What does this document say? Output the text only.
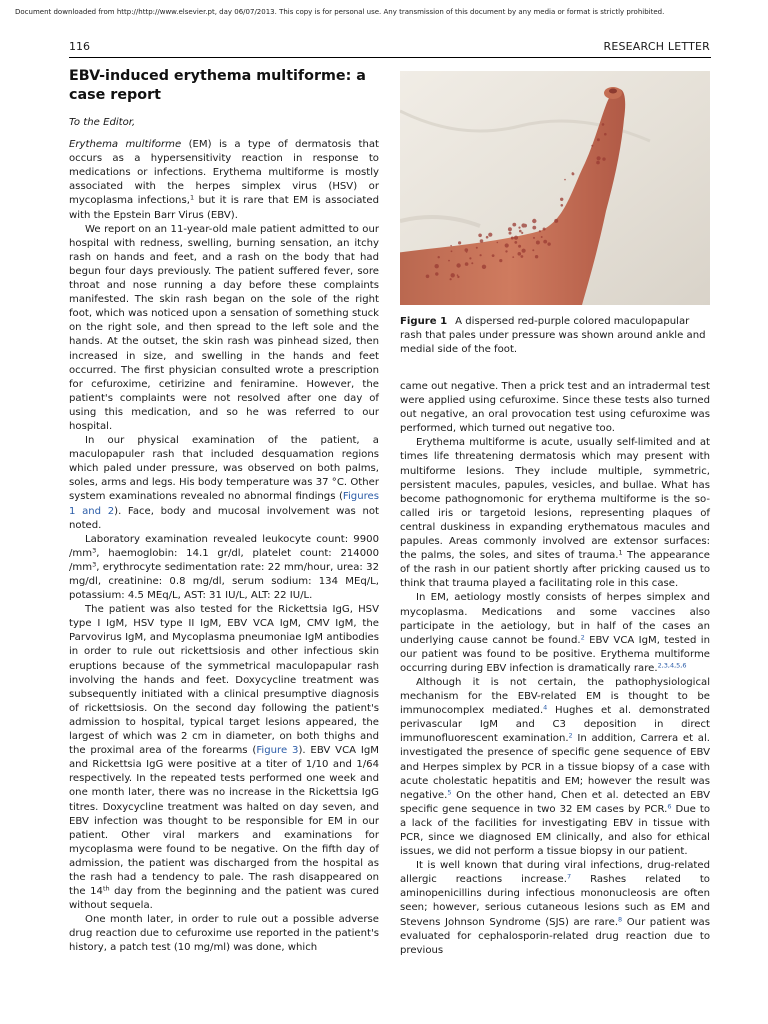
Document downloaded from http://http://www.elsevier.pt, day 06/07/2013. This copy is for personal use. Any transmission of this document by any media or format is strictly prohibited.
116	RESEARCH LETTER
EBV-induced erythema multiforme: a case report

To the Editor,

Erythema multiforme (EM) is a type of dermatosis that occurs as a hypersensitivity reaction in response to medications or infections. Erythema multiforme is mostly associated with the herpes simplex virus (HSV) or mycoplasma infections,$^1$ but it is rare that EM is associated with the Epstein Barr Virus (EBV).

We report on an 11-year-old male patient admitted to our hospital with redness, swelling, burning sensation, an itchy rash on hands and feet, and a rash on the body that had begun four days previously. The patient suffered fever, sore throat and nose running a day before these complaints manifested. The skin rash began on the sole of the right foot, which was noticed upon a sensation of something stuck on the right sole, and then spread to the left sole and the hands. At the outset, the skin rash was pinhead sized, then increased in size, and swelling in the hands and feet occurred. The first physician consulted wrote a prescription for cefuroxime, cetirizine and feniramine. However, the patient's complaints were not resolved after one day of using this medication, and so he was referred to our hospital.

In our physical examination of the patient, a maculopapuler rash that included desquamation regions which paled under pressure, was observed on both palms, soles, arms and legs. His body temperature was 37 °C. Other system examinations revealed no abnormal findings (Figures 1 and 2). Face, body and mucosal involvement was not noted.

Laboratory examination revealed leukocyte count: 9900 $/mm^3$, haemoglobin: 14.1 gr/dl, platelet count: 214000 $/mm^3$, erythrocyte sedimentation rate: 22 mm/hour, urea: 32 mg/dl, creatinine: 0.8 mg/dl, serum sodium: 134 MEq/L, potassium: 4.5 MEq/L, AST: 31 IU/L, ALT: 22 IU/L.

The patient was also tested for the Rickettsia IgG, HSV type I IgM, HSV type II IgM, EBV VCA IgM, CMV IgM, the Parvovirus IgM, and Mycoplasma pneumoniae IgM antibodies in order to rule out rickettsiosis and other infectious skin eruptions because of the symmetrical maculopapular rash involving the hands and feet. Doxycycline treatment was subsequently initiated with a clinical presumptive diagnosis of rickettsiosis. On the second day following the patient's admission to hospital, typical target lesions appeared, the largest of which was 2 cm in diameter, on both thighs and the proximal area of the forearms (Figure 3). EBV VCA IgM and Rickettsia IgG were positive at a titer of 1/10 and 1/64 respectively. In the repeated tests performed one week and one month later, there was no increase in the Rickettsia IgG titres. Doxycycline treatment was halted on day seven, and EBV infection was thought to be responsible for EM in our patient. Other viral markers and examinations for mycoplasma were found to be negative. On the fifth day of admission, the patient was discharged from the hospital as the rash had a tendency to pale. The rash disappeared on the 14th day from the beginning and the patient was cured without sequela.

One month later, in order to rule out a possible adverse drug reaction due to cefuroxime use reported in the patient's history, a patch test (10 mg/ml) was done, which

Figure 1 A dispersed red-purple colored maculopapular rash that pales under pressure was shown around ankle and medial side of the foot.

came out negative. Then a prick test and an intradermal test were applied using cefuroxime. Since these tests also turned out negative, an oral provocation test using cefuroxime was performed, which turned out negative too.

Erythema multiforme is acute, usually self-limited and at times life threatening dermatosis which may present with multiforme lesions. They include multiple, symmetric, persistent macules, papules, vesicles, and bullae. What has become pathognomonic for erythema multiforme is the so-called iris or targetoid lesions, representing plaques of central duskiness in expanding erythematous macules and papules. Areas commonly involved are extensor surfaces: the palms, the soles, and sites of trauma.$^1$ The appearance of the rash in our patient shortly after pricking caused us to think that trauma played a facilitating role in this case.

In EM, aetiology mostly consists of herpes simplex and mycoplasma. Medications and some vaccines also participate in the aetiology, but in half of the cases an underlying cause cannot be found.$^2$ EBV VCA IgM, tested in our patient was found to be positive. Erythema multiforme occurring during EBV infection is dramatically rare.$^{2,3,4,5,6}$

Although it is not certain, the pathophysiological mechanism for the EBV-related EM is thought to be immunocomplex mediated.$^4$ Hughes et al. demonstrated perivascular IgM and C3 deposition in direct immunofluorescent examination.$^2$ In addition, Carrera et al. investigated the presence of specific gene sequence of EBV and Herpes simplex by PCR in a tissue biopsy of a case with acute cholestatic hepatitis and EM; however the result was negative.$^5$ On the other hand, Chen et al. detected an EBV specific gene sequence in two 32 EM cases by PCR.$^6$ Due to a lack of the facilities for investigating EBV in tissue with PCR, since we diagnosed EM clinically, and also for ethical issues, we did not perform a tissue biopsy in our patient.

It is well known that during viral infections, drug-related allergic reactions increase.$^7$ Rashes related to aminopenicillins during infectious mononucleosis are often seen; however, serious cutaneous lesions such as EM and Stevens Johnson Syndrome (SJS) are rare.$^8$ Our patient was evaluated for cephalosporin-related drug reaction due to previous
